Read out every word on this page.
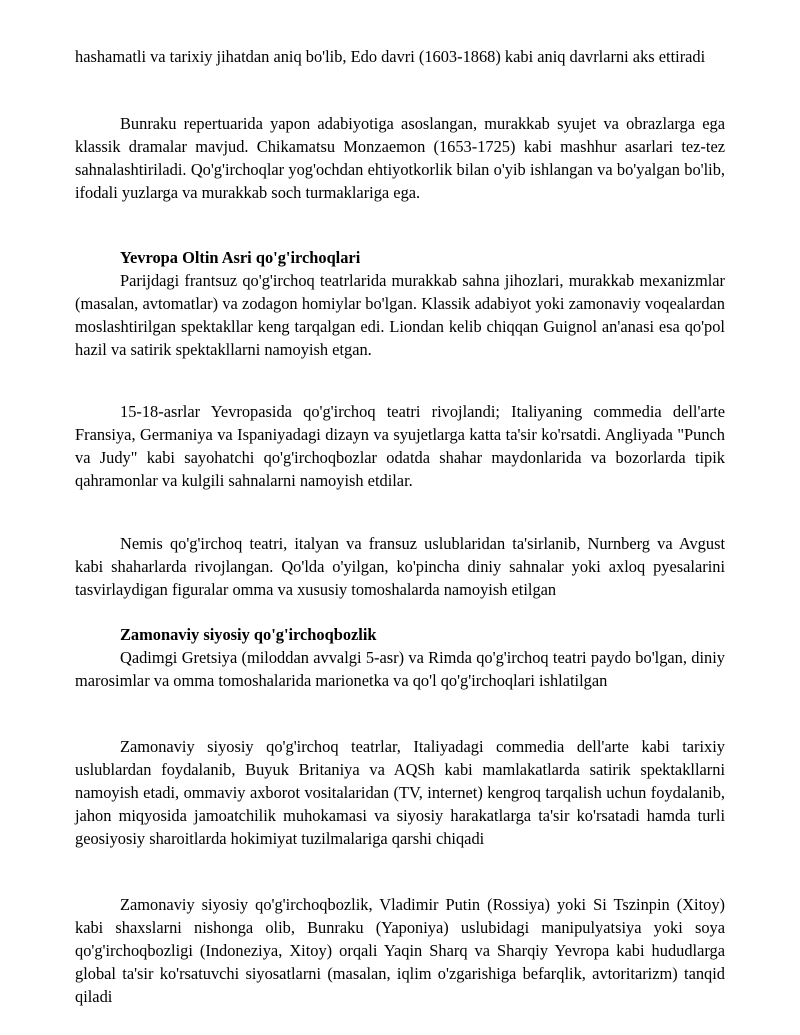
hashamatli va tarixiy jihatdan aniq bo'lib, Edo davri (1603-1868) kabi aniq davrlarni aks ettiradi

Bunraku repertuarida yapon adabiyotiga asoslangan, murakkab syujet va obrazlarga ega klassik dramalar mavjud. Chikamatsu Monzaemon (1653-1725) kabi mashhur asarlari tez-tez sahnalashtiriladi. Qo'g'irchoqlar yog'ochdan ehtiyotkorlik bilan o'yib ishlangan va bo'yalgan bo'lib, ifodali yuzlarga va murakkab soch turmaklariga ega.

Yevropa Oltin Asri qo'g'irchoqlari

Parijdagi frantsuz qo'g'irchoq teatrlarida murakkab sahna jihozlari, murakkab mexanizmlar (masalan, avtomatlar) va zodagon homiylar bo'lgan. Klassik adabiyot yoki zamonaviy voqealardan moslashtirilgan spektakllar keng tarqalgan edi. Liondan kelib chiqqan Guignol an'anasi esa qo'pol hazil va satirik spektakllarni namoyish etgan.

15-18-asrlar Yevropasida qo'g'irchoq teatri rivojlandi; Italiyaning commedia dell'arte Fransiya, Germaniya va Ispaniyadagi dizayn va syujetlarga katta ta'sir ko'rsatdi. Angliyada "Punch va Judy" kabi sayohatchi qo'g'irchoqbozlar odatda shahar maydonlarida va bozorlarda tipik qahramonlar va kulgili sahnalarni namoyish etdilar.

Nemis qo'g'irchoq teatri, italyan va fransuz uslublaridan ta'sirlanib, Nurnberg va Avgust kabi shaharlarda rivojlangan. Qo'lda o'yilgan, ko'pincha diniy sahnalar yoki axloq pyesalarini tasvirlaydigan figuralar omma va xususiy tomoshalarda namoyish etilgan

Zamonaviy siyosiy qo'g'irchoqbozlik

Qadimgi Gretsiya (miloddan avvalgi 5-asr) va Rimda qo'g'irchoq teatri paydo bo'lgan, diniy marosimlar va omma tomoshalarida marionetka va qo'l qo'g'irchoqlari ishlatilgan

Zamonaviy siyosiy qo'g'irchoq teatrlar, Italiyadagi commedia dell'arte kabi tarixiy uslublardan foydalanib, Buyuk Britaniya va AQSh kabi mamlakatlarda satirik spektakllarni namoyish etadi, ommaviy axborot vositalaridan (TV, internet) kengroq tarqalish uchun foydalanib, jahon miqyosida jamoatchilik muhokamasi va siyosiy harakatlarga ta'sir ko'rsatadi hamda turli geosiyosiy sharoitlarda hokimiyat tuzilmalariga qarshi chiqadi

Zamonaviy siyosiy qo'g'irchoqbozlik, Vladimir Putin (Rossiya) yoki Si Tszinpin (Xitoy) kabi shaxslarni nishonga olib, Bunraku (Yaponiya) uslubidagi manipulyatsiya yoki soya qo'g'irchoqbozligi (Indoneziya, Xitoy) orqali Yaqin Sharq va Sharqiy Yevropa kabi hududlarga global ta'sir ko'rsatuvchi siyosatlarni (masalan, iqlim o'zgarishiga befarqlik, avtoritarizm) tanqid qiladi
